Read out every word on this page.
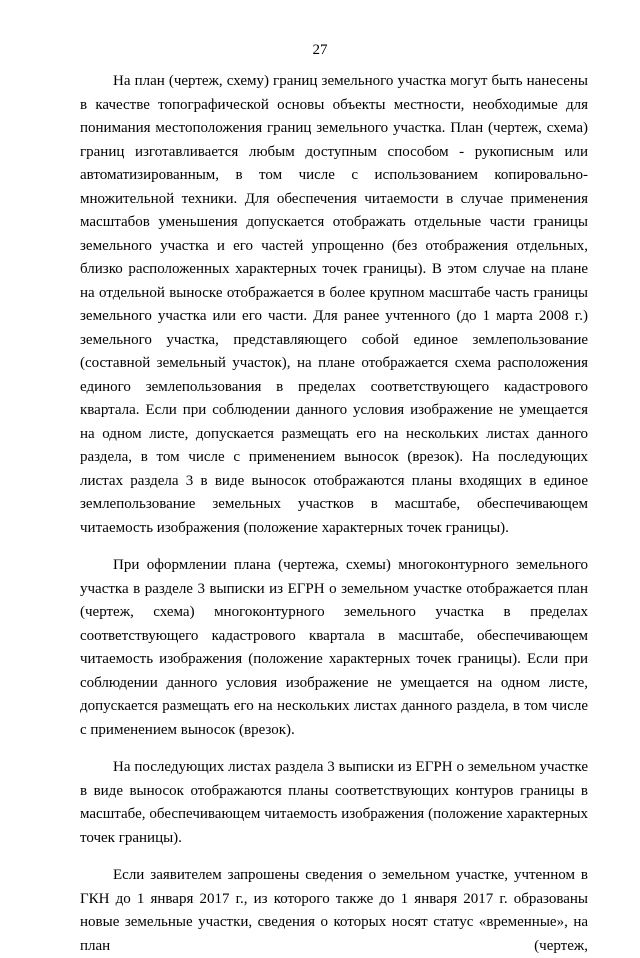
27

На план (чертеж, схему) границ земельного участка могут быть нанесены в качестве топографической основы объекты местности, необходимые для понимания местоположения границ земельного участка. План (чертеж, схема) границ изготавливается любым доступным способом - рукописным или автоматизированным, в том числе с использованием копировально-множительной техники. Для обеспечения читаемости в случае применения масштабов уменьшения допускается отображать отдельные части границы земельного участка и его частей упрощенно (без отображения отдельных, близко расположенных характерных точек границы). В этом случае на плане на отдельной выноске отображается в более крупном масштабе часть границы земельного участка или его части. Для ранее учтенного (до 1 марта 2008 г.) земельного участка, представляющего собой единое землепользование (составной земельный участок), на плане отображается схема расположения единого землепользования в пределах соответствующего кадастрового квартала. Если при соблюдении данного условия изображение не умещается на одном листе, допускается размещать его на нескольких листах данного раздела, в том числе с применением выносок (врезок). На последующих листах раздела 3 в виде выносок отображаются планы входящих в единое землепользование земельных участков в масштабе, обеспечивающем читаемость изображения (положение характерных точек границы).

При оформлении плана (чертежа, схемы) многоконтурного земельного участка в разделе 3 выписки из ЕГРН о земельном участке отображается план (чертеж, схема) многоконтурного земельного участка в пределах соответствующего кадастрового квартала в масштабе, обеспечивающем читаемость изображения (положение характерных точек границы). Если при соблюдении данного условия изображение не умещается на одном листе, допускается размещать его на нескольких листах данного раздела, в том числе с применением выносок (врезок).

На последующих листах раздела 3 выписки из ЕГРН о земельном участке в виде выносок отображаются планы соответствующих контуров границы в масштабе, обеспечивающем читаемость изображения (положение характерных точек границы).

Если заявителем запрошены сведения о земельном участке, учтенном в ГКН до 1 января 2017 г., из которого также до 1 января 2017 г. образованы новые земельные участки, сведения о которых носят статус «временные», на план (чертеж,
